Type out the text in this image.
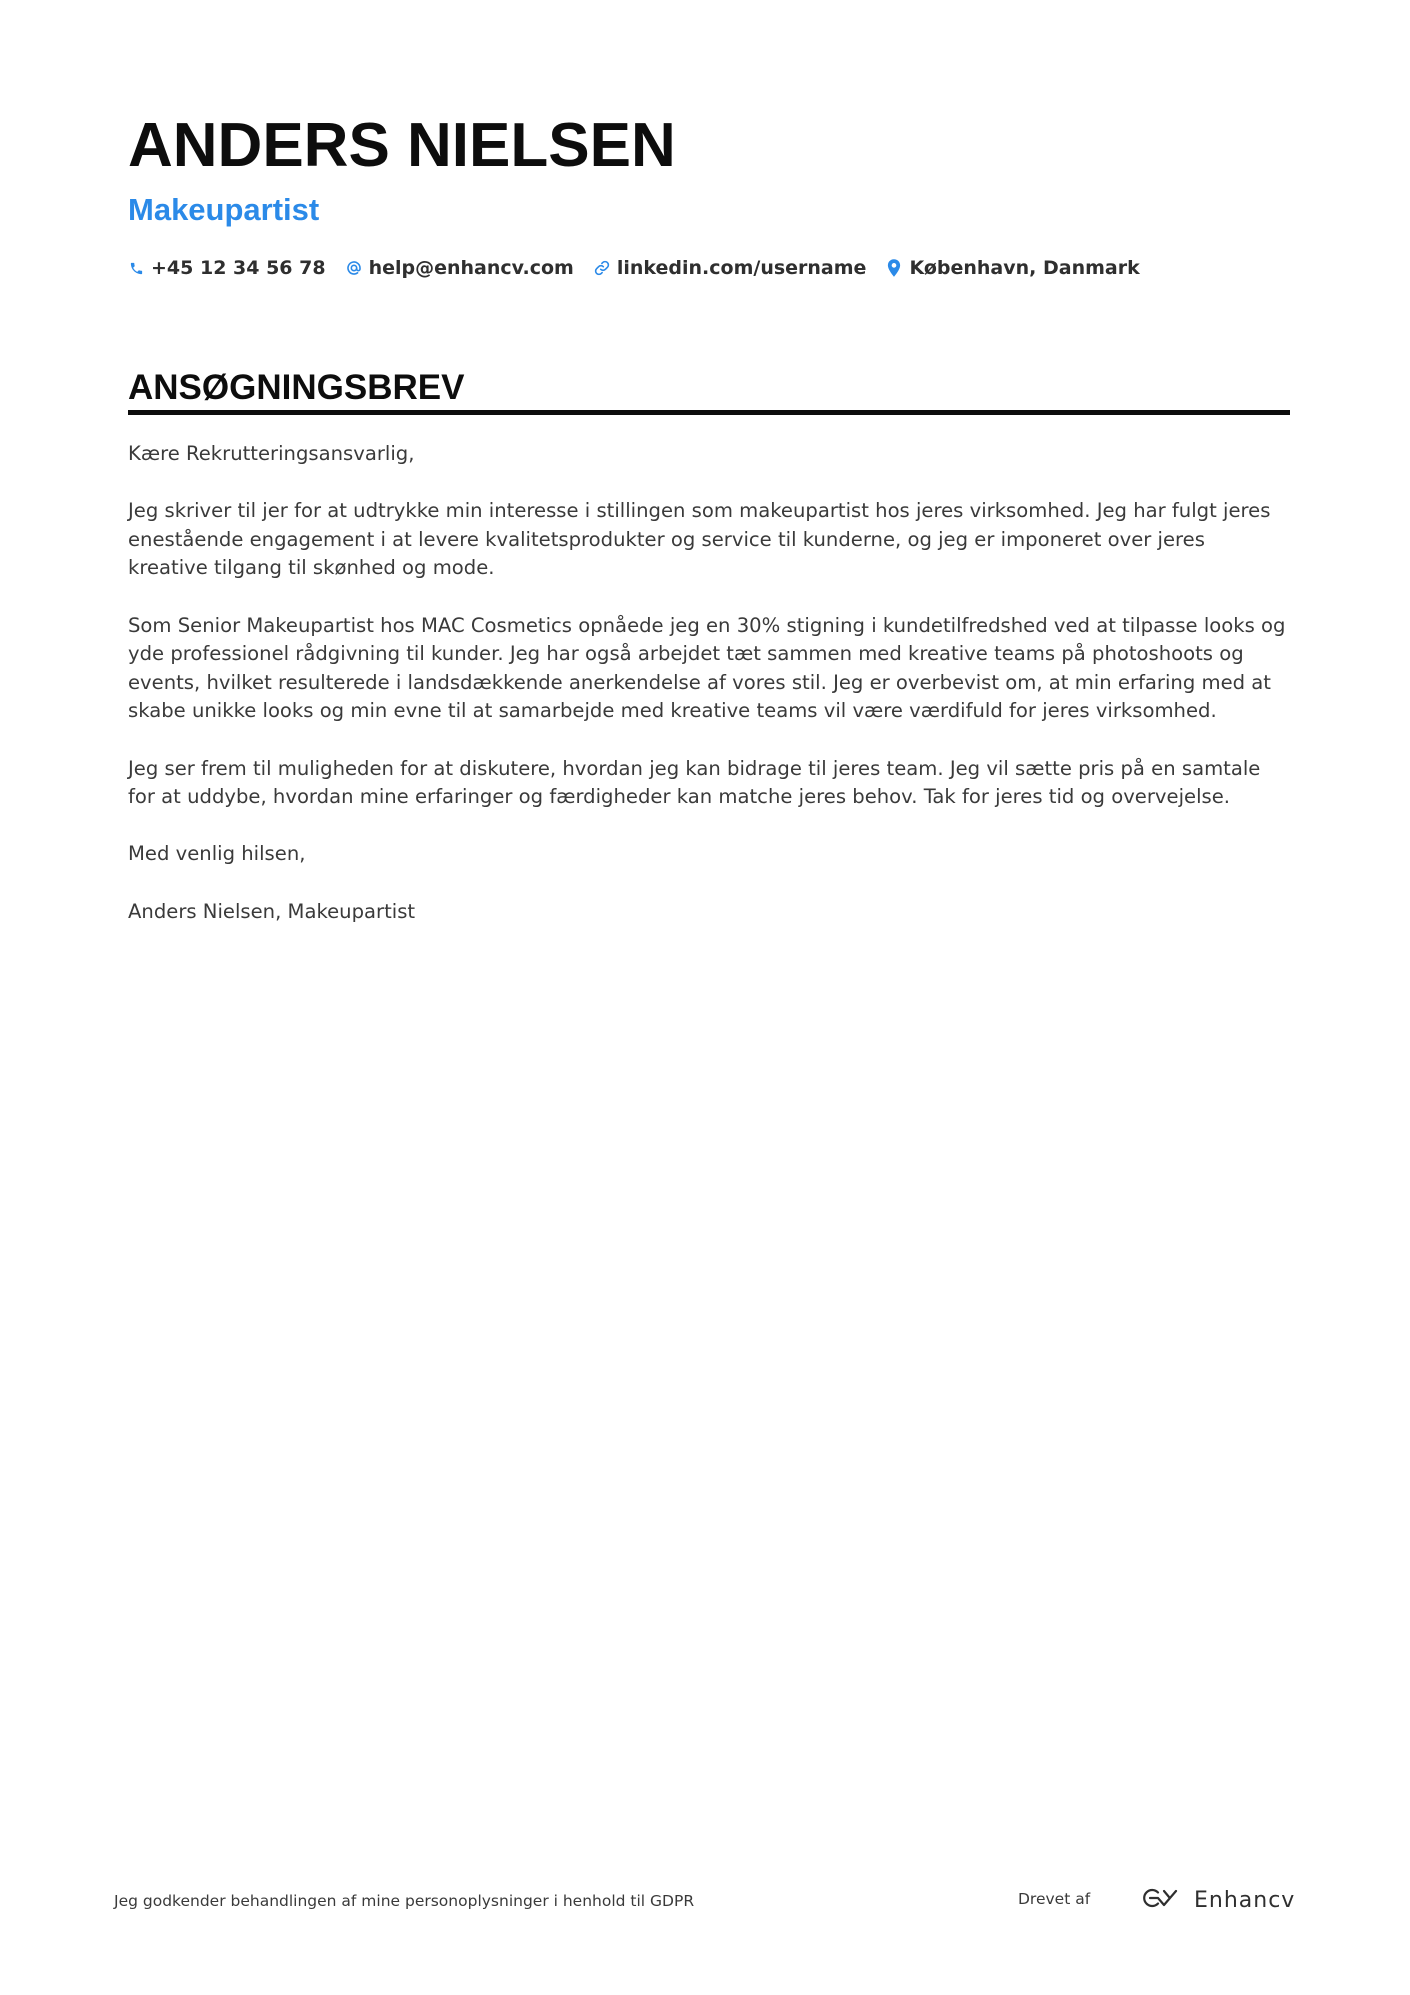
ANDERS NIELSEN
Makeupartist
+45 12 34 56 78 help@enhancv.com linkedin.com/username København, Danmark
ANSØGNINGSBREV

Kære Rekrutteringsansvarlig,

Jeg skriver til jer for at udtrykke min interesse i stillingen som makeupartist hos jeres virksomhed. Jeg har fulgt jeres enestående engagement i at levere kvalitetsprodukter og service til kunderne, og jeg er imponeret over jeres kreative tilgang til skønhed og mode.

Som Senior Makeupartist hos MAC Cosmetics opnåede jeg en 30% stigning i kundetilfredshed ved at tilpasse looks og yde professionel rådgivning til kunder. Jeg har også arbejdet tæt sammen med kreative teams på photoshoots og events, hvilket resulterede i landsdækkende anerkendelse af vores stil. Jeg er overbevist om, at min erfaring med at skabe unikke looks og min evne til at samarbejde med kreative teams vil være værdifuld for jeres virksomhed.

Jeg ser frem til muligheden for at diskutere, hvordan jeg kan bidrage til jeres team. Jeg vil sætte pris på en samtale for at uddybe, hvordan mine erfaringer og færdigheder kan matche jeres behov. Tak for jeres tid og overvejelse.

Med venlig hilsen,

Anders Nielsen, Makeupartist

Jeg godkender behandlingen af mine personoplysninger i henhold til GDPR	Drevet af	Enhancv
